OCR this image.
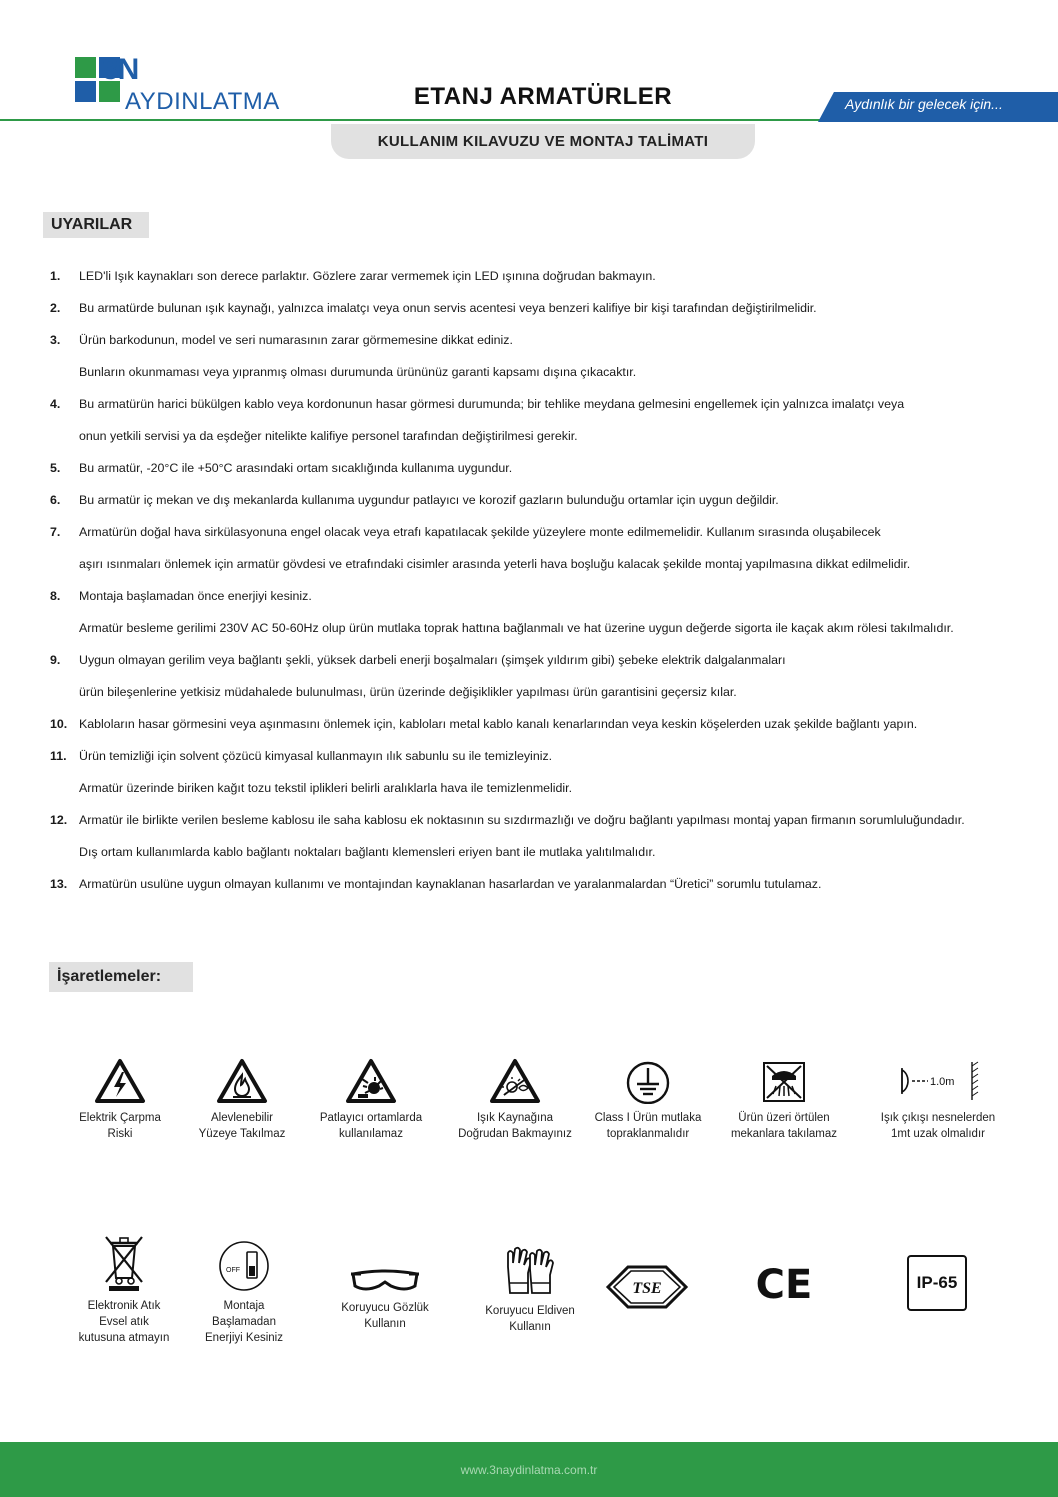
3N
AYDINLATMA	ETANJ ARMATÜRLER	Aydınlık bir gelecek için...
KULLANIM KILAVUZU VE MONTAJ TALİMATI
UYARILAR
1.	LED'li Işık kaynakları son derece parlaktır. Gözlere zarar vermemek için LED ışınına doğrudan bakmayın.
2.	Bu armatürde bulunan ışık kaynağı, yalnızca imalatçı veya onun servis acentesi veya benzeri kalifiye bir kişi tarafından değiştirilmelidir.
3.	Ürün barkodunun, model ve seri numarasının zarar görmemesine dikkat ediniz.
Bunların okunmaması veya yıpranmış olması durumunda ürününüz garanti kapsamı dışına çıkacaktır.
4.	Bu armatürün harici bükülgen kablo veya kordonunun hasar görmesi durumunda; bir tehlike meydana gelmesini engellemek için yalnızca imalatçı veya
onun yetkili servisi ya da eşdeğer nitelikte kalifiye personel tarafından değiştirilmesi gerekir.
5.	Bu armatür, -20°C ile +50°C arasındaki ortam sıcaklığında kullanıma uygundur.
6.	Bu armatür iç mekan ve dış mekanlarda kullanıma uygundur patlayıcı ve korozif gazların bulunduğu ortamlar için uygun değildir.
7.	Armatürün doğal hava sirkülasyonuna engel olacak veya etrafı kapatılacak şekilde yüzeylere monte edilmemelidir. Kullanım sırasında oluşabilecek
aşırı ısınmaları önlemek için armatür gövdesi ve etrafındaki cisimler arasında yeterli hava boşluğu kalacak şekilde montaj yapılmasına dikkat edilmelidir.
8.	Montaja başlamadan önce enerjiyi kesiniz.
Armatür besleme gerilimi 230V AC 50-60Hz olup ürün mutlaka toprak hattına bağlanmalı ve hat üzerine uygun değerde sigorta ile kaçak akım rölesi takılmalıdır.
9.	Uygun olmayan gerilim veya bağlantı şekli, yüksek darbeli enerji boşalmaları (şimşek yıldırım gibi) şebeke elektrik dalgalanmaları
ürün bileşenlerine yetkisiz müdahalede bulunulması, ürün üzerinde değişiklikler yapılması ürün garantisini geçersiz kılar.
10. Kabloların hasar görmesini veya aşınmasını önlemek için, kabloları metal kablo kanalı kenarlarından veya keskin köşelerden uzak şekilde bağlantı yapın.
11.	Ürün temizliği için solvent çözücü kimyasal kullanmayın ılık sabunlu su ile temizleyiniz.
Armatür üzerinde biriken kağıt tozu tekstil iplikleri belirli aralıklarla hava ile temizlenmelidir.
12. Armatür ile birlikte verilen besleme kablosu ile saha kablosu ek noktasının su sızdırmazlığı ve doğru bağlantı yapılması montaj yapan firmanın sorumluluğundadır.
Dış ortam kullanımlarda kablo bağlantı noktaları bağlantı klemensleri eriyen bant ile mutlaka yalıtılmalıdır.
13. Armatürün usulüne uygun olmayan kullanımı ve montajından kaynaklanan hasarlardan ve yaralanmalardan “Üretici” sorumlu tutulamaz.
İşaretlemeler:
Elektrik Çarpma
Riski
Alevlenebilir
Yüzeye Takılmaz
Patlayıcı ortamlarda
kullanılamaz
Işık Kaynağına
Doğrudan Bakmayınız
Class I Ürün mutlaka
topraklanmalıdır
Ürün üzeri örtülen
mekanlara takılamaz
1.0m
Işık çıkışı nesnelerden
1mt uzak olmalıdır
Elektronik Atık
Evsel atık
kutusuna atmayın
OFF
Montaja
Başlamadan
Enerjiyi Kesiniz
Koruyucu Gözlük
Kullanın
Koruyucu Eldiven
Kullanın
TSE CE	IP-65
www.3naydinlatma.com.tr
